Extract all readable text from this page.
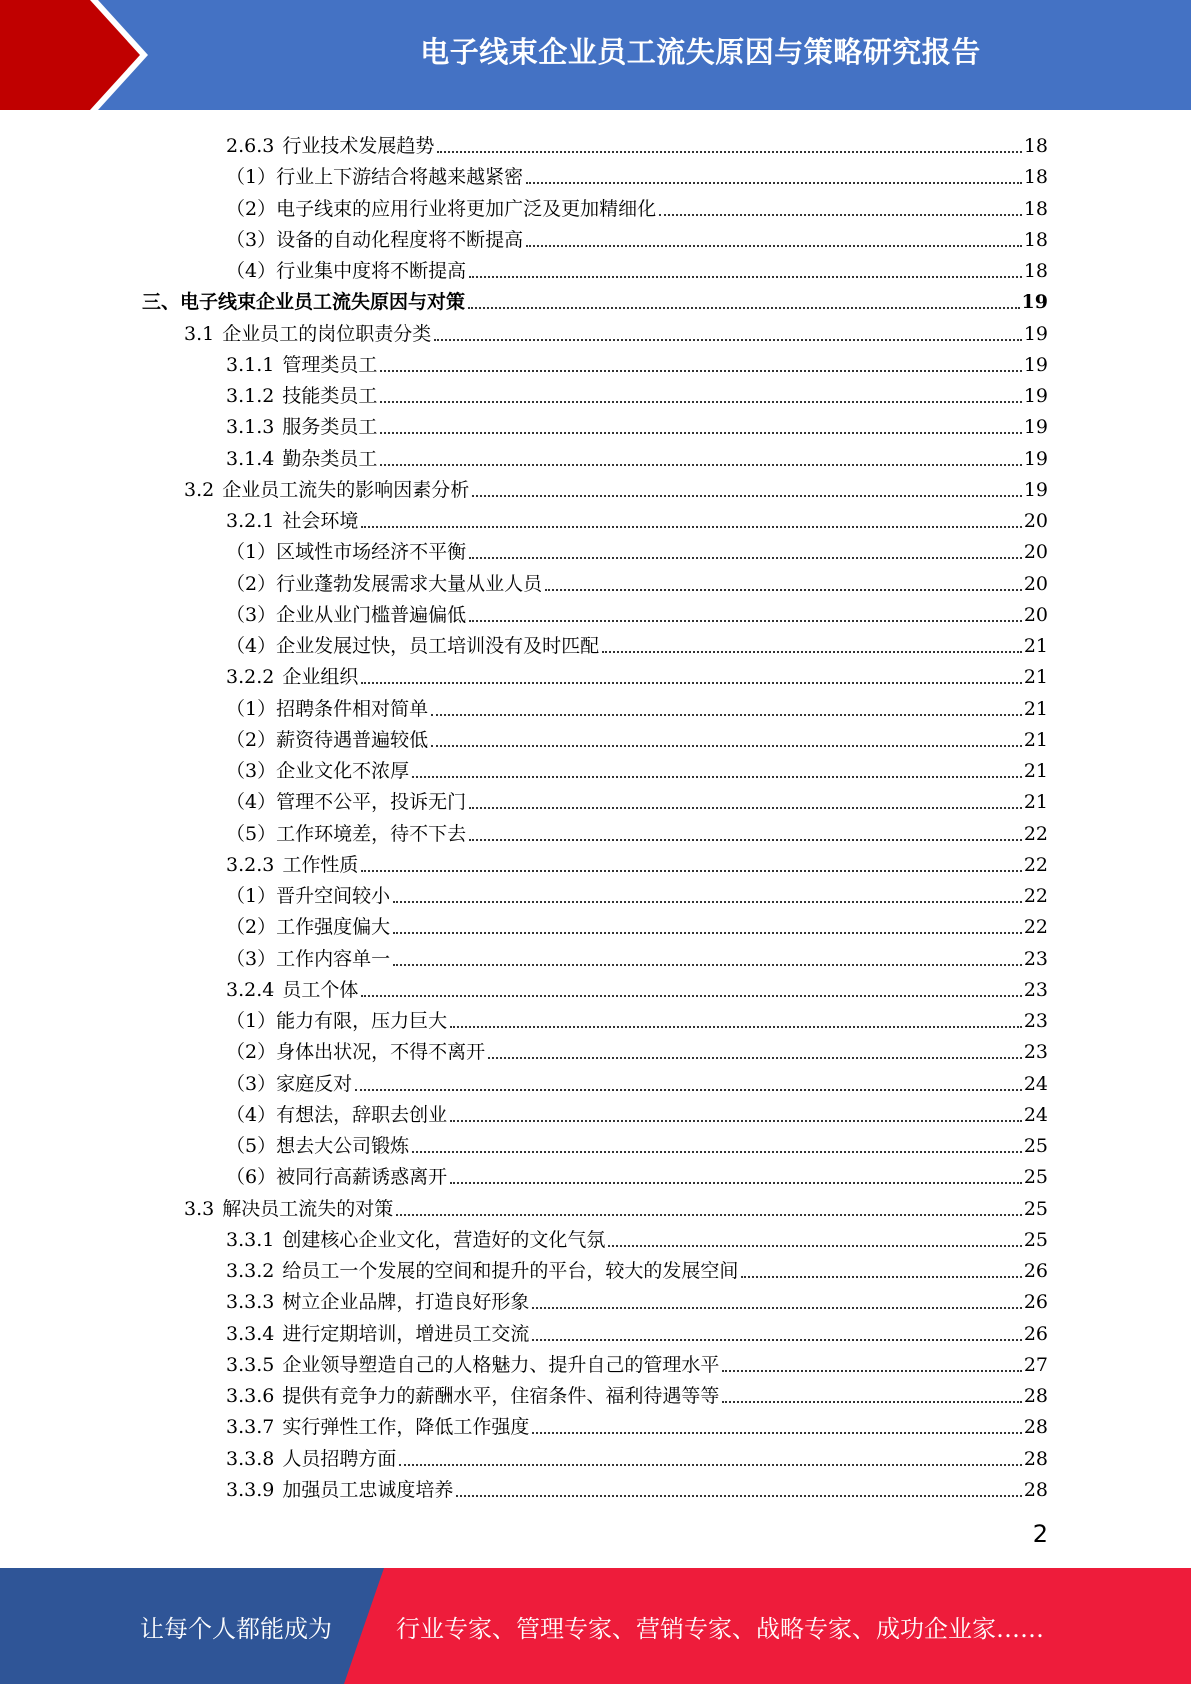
电子线束企业员工流失原因与策略研究报告
2.6.3 行业技术发展趋势	18
（1）行业上下游结合将越来越紧密	18
（2）电子线束的应用行业将更加广泛及更加精细化	18
（3）设备的自动化程度将不断提高	18
（4）行业集中度将不断提高	18
三、电子线束企业员工流失原因与对策	19
3.1 企业员工的岗位职责分类	19
3.1.1 管理类员工	19
3.1.2 技能类员工	19
3.1.3 服务类员工	19
3.1.4 勤杂类员工	19
3.2 企业员工流失的影响因素分析	19
3.2.1 社会环境	20
（1）区域性市场经济不平衡	20
（2）行业蓬勃发展需求大量从业人员	20
（3）企业从业门槛普遍偏低	20
（4）企业发展过快，员工培训没有及时匹配	21
3.2.2 企业组织	21
（1）招聘条件相对简单	21
（2）薪资待遇普遍较低	21
（3）企业文化不浓厚	21
（4）管理不公平，投诉无门	21
（5）工作环境差，待不下去	22
3.2.3 工作性质	22
（1）晋升空间较小	22
（2）工作强度偏大	22
（3）工作内容单一	23
3.2.4 员工个体	23
（1）能力有限，压力巨大	23
（2）身体出状况，不得不离开	23
（3）家庭反对	24
（4）有想法，辞职去创业	24
（5）想去大公司锻炼	25
（6）被同行高薪诱惑离开	25
3.3 解决员工流失的对策	25
3.3.1 创建核心企业文化，营造好的文化气氛	25
3.3.2 给员工一个发展的空间和提升的平台，较大的发展空间	26
3.3.3 树立企业品牌，打造良好形象	26
3.3.4 进行定期培训，增进员工交流	26
3.3.5 企业领导塑造自己的人格魅力、提升自己的管理水平	27
3.3.6 提供有竞争力的薪酬水平，住宿条件、福利待遇等等	28
3.3.7 实行弹性工作，降低工作强度	28
3.3.8 人员招聘方面	28
3.3.9 加强员工忠诚度培养	28
2
让每个人都能成为	行业专家、管理专家、营销专家、战略专家、成功企业家……
